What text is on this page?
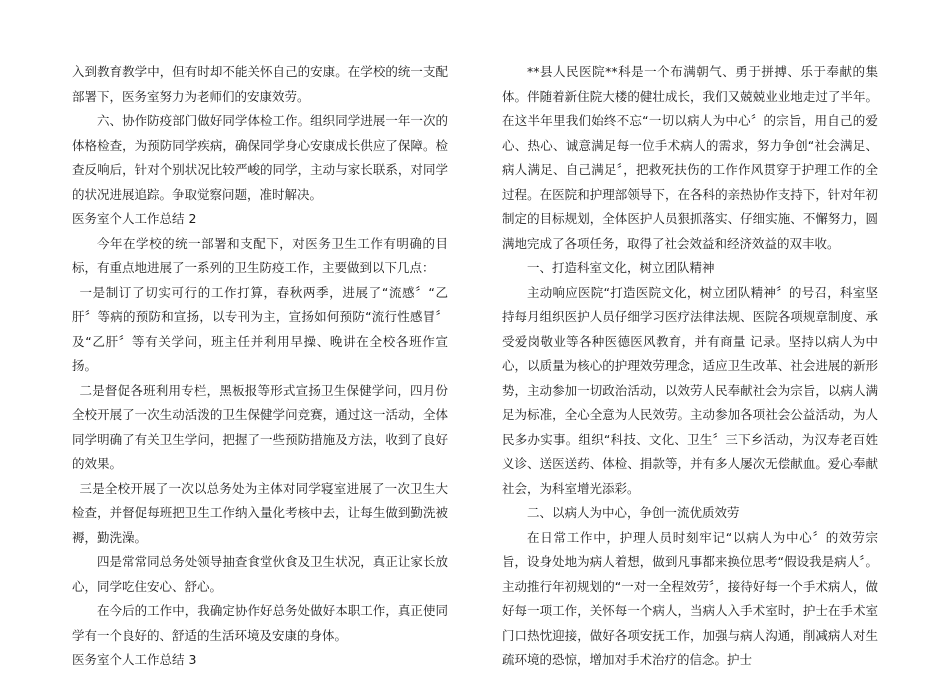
入到教育教学中，但有时却不能关怀自己的安康。在学校的统一支配部署下，医务室努力为老师们的安康效劳。

六、协作防疫部门做好同学体检工作。组织同学进展一年一次的体格检查，为预防同学疾病，确保同学身心安康成长供应了保障。检查反响后，针对个别状况比较严峻的同学，主动与家长联系，对同学的状况进展追踪。争取觉察问题，准时解决。

医务室个人工作总结 2

今年在学校的统一部署和支配下，对医务卫生工作有明确的目标，有重点地进展了一系列的卫生防疫工作，主要做到以下几点：

一是制订了切实可行的工作打算，春秋两季，进展了“流感〞“乙肝〞等病的预防和宣扬，以专刊为主，宣扬如何预防“流行性感冒〞及“乙肝〞等有关学问，班主任并利用早操、晚讲在全校各班作宣扬。

二是督促各班利用专栏，黑板报等形式宣扬卫生保健学问，四月份全校开展了一次生动活泼的卫生保健学问竞赛，通过这一活动，全体同学明确了有关卫生学问，把握了一些预防措施及方法，收到了良好的效果。

三是全校开展了一次以总务处为主体对同学寝室进展了一次卫生大检查，并督促每班把卫生工作纳入量化考核中去，让每生做到勤洗被褥，勤洗澡。

四是常常同总务处领导抽查食堂伙食及卫生状况，真正让家长放心，同学吃住安心、舒心。

在今后的工作中，我确定协作好总务处做好本职工作，真正使同学有一个良好的、舒适的生活环境及安康的身体。

医务室个人工作总结 3

**县人民医院**科是一个布满朝气、勇于拼搏、乐于奉献的集体。伴随着新住院大楼的健壮成长，我们又兢兢业业地走过了半年。在这半年里我们始终不忘“一切以病人为中心〞的宗旨，用自己的爱心、热心、诚意满足每一位手术病人的需求，努力争创“社会满足、病人满足、自己满足〞，把救死扶伤的工作作风贯穿于护理工作的全过程。在医院和护理部领导下，在各科的亲热协作支持下，针对年初制定的目标规划，全体医护人员狠抓落实、仔细实施、不懈努力，圆满地完成了各项任务，取得了社会效益和经济效益的双丰收。

一、打造科室文化，树立团队精神

主动响应医院“打造医院文化，树立团队精神〞的号召，科室坚持每月组织医护人员仔细学习医疗法律法规、医院各项规章制度、承受爱岗敬业等各种医德医风教育，并有商量 记录。坚持以病人为中心，以质量为核心的护理效劳理念，适应卫生改革、社会进展的新形势，主动参加一切政治活动，以效劳人民奉献社会为宗旨，以病人满足为标准，全心全意为人民效劳。主动参加各项社会公益活动，为人民多办实事。组织“科技、文化、卫生〞三下乡活动，为汉寿老百姓义诊、送医送药、体检、捐款等，并有多人屡次无偿献血。爱心奉献社会，为科室增光添彩。

二、以病人为中心，争创一流优质效劳

在日常工作中，护理人员时刻牢记“以病人为中心〞的效劳宗旨，设身处地为病人着想，做到凡事都来换位思考“假设我是病人〞。主动推行年初规划的“一对一全程效劳〞，接待好每一个手术病人，做好每一项工作，关怀每一个病人，当病人入手术室时，护士在手术室门口热忱迎接，做好各项安抚工作，加强与病人沟通，削减病人对生疏环境的恐惊，增加对手术治疗的信念。护士
